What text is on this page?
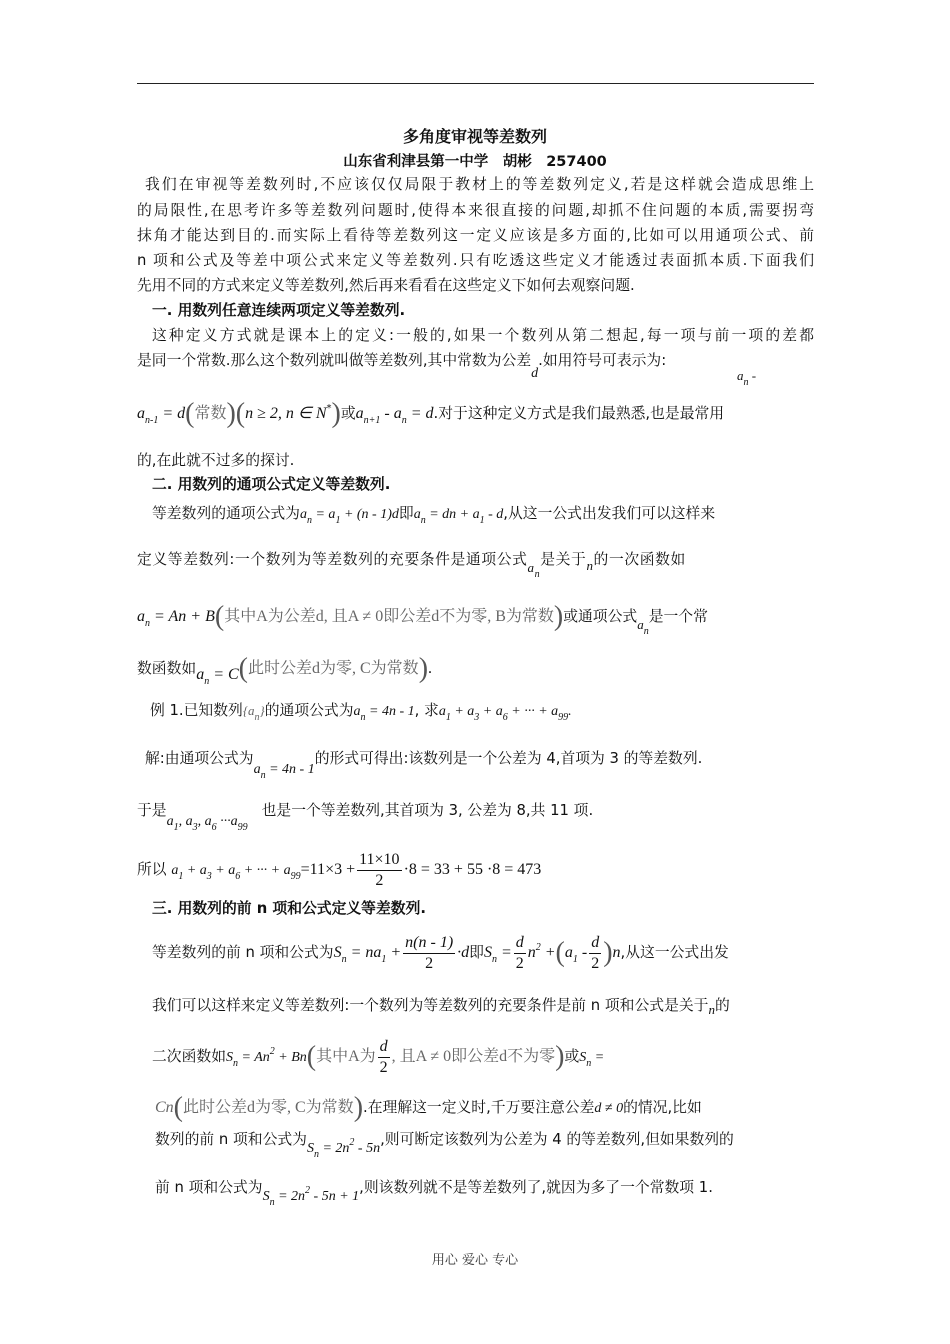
多角度审视等差数列
山东省利津县第一中学　胡彬　257400
我们在审视等差数列时,不应该仅仅局限于教材上的等差数列定义,若是这样就会造成思维上
的局限性,在思考许多等差数列问题时,使得本来很直接的问题,却抓不住问题的本质,需要拐弯
抹角才能达到目的.而实际上看待等差数列这一定义应该是多方面的,比如可以用通项公式、前
n 项和公式及等差中项公式来定义等差数列.只有吃透这些定义才能透过表面抓本质.下面我们
先用不同的方式来定义等差数列,然后再来看看在这些定义下如何去观察问题.
一. 用数列任意连续两项定义等差数列.
这种定义方式就是课本上的定义:一般的,如果一个数列从第二想起,每一项与前一项的差都
是同一个常数.那么这个数列就叫做等差数列,其中常数为公差d.如用符号可表示为:
$a_n$ -
$a_{n-1} = d$(常数)(n ≥ 2, n ∈ N*)或$a_{n+1} - a_n = d$.对于这种定义方式是我们最熟悉,也是最常用
的,在此就不过多的探讨.
二. 用数列的通项公式定义等差数列.
等差数列的通项公式为$a_n = a_1 + (n - 1)d$即$a_n$ = dn + $a_1$ - d,从这一公式出发我们可以这样来
定义等差数列:一个数列为等差数列的充要条件是通项公式$a_n$是关于n的一次函数如
$a_n = An + B$(其中A为公差d, 且A ≠ 0即公差d不为零, B为常数)或通项公式$a_n$是一个常
数函数如$a_n = C$(此时公差d为零, C为常数).
例 1.已知数列$\{a_n\}$的通项公式为$a_n = 4n - 1$, 求$a_1 + a_3 + a_6$ + ··· + $a_{99}$.
解:由通项公式为$a_n = 4n - 1$的形式可得出:该数列是一个公差为 4,首项为 3 的等差数列.
于是$a_1$, $a_3$, $a_6 \cdot\cdot\cdot a_{99}$也是一个等差数列,其首项为 3, 公差为 8,共 11 项.
所以 $a_1 + a_3 + a_6$ + ··· + $a_{99}=11\times 3 + \frac{11\times 10}{2} \cdot 8 = 33 + 55 \cdot 8 = 473$
三. 用数列的前 n 项和公式定义等差数列.
等差数列的前 n 项和公式为$S_n = na_1 + \frac{n(n - 1)}{2} \cdot d$即$S_n = \frac{d}{2} n^2 +(a_1 - \frac{d}{2} )n$,从这一公式出发
我们可以这样来定义等差数列:一个数列为等差数列的充要条件是前 n 项和公式是关于n的
二次函数如$S_n = An^2 + Bn$(其中A为 $\frac{d}{2}$ , 且A ≠ 0即公差d不为零)或$S_n$ =
Cn(此时公差d为零, C为常数).在理解这一定义时,千万要注意公差d ≠ 0的情况,比如
数列的前 n 项和公式为$S_n = 2n^2 - 5n$,则可断定该数列为公差为 4 的等差数列,但如果数列的
前 n 项和公式为$S_n = 2n^2 - 5n + 1$,则该数列就不是等差数列了,就因为多了一个常数项 1.
用心 爱心 专心
